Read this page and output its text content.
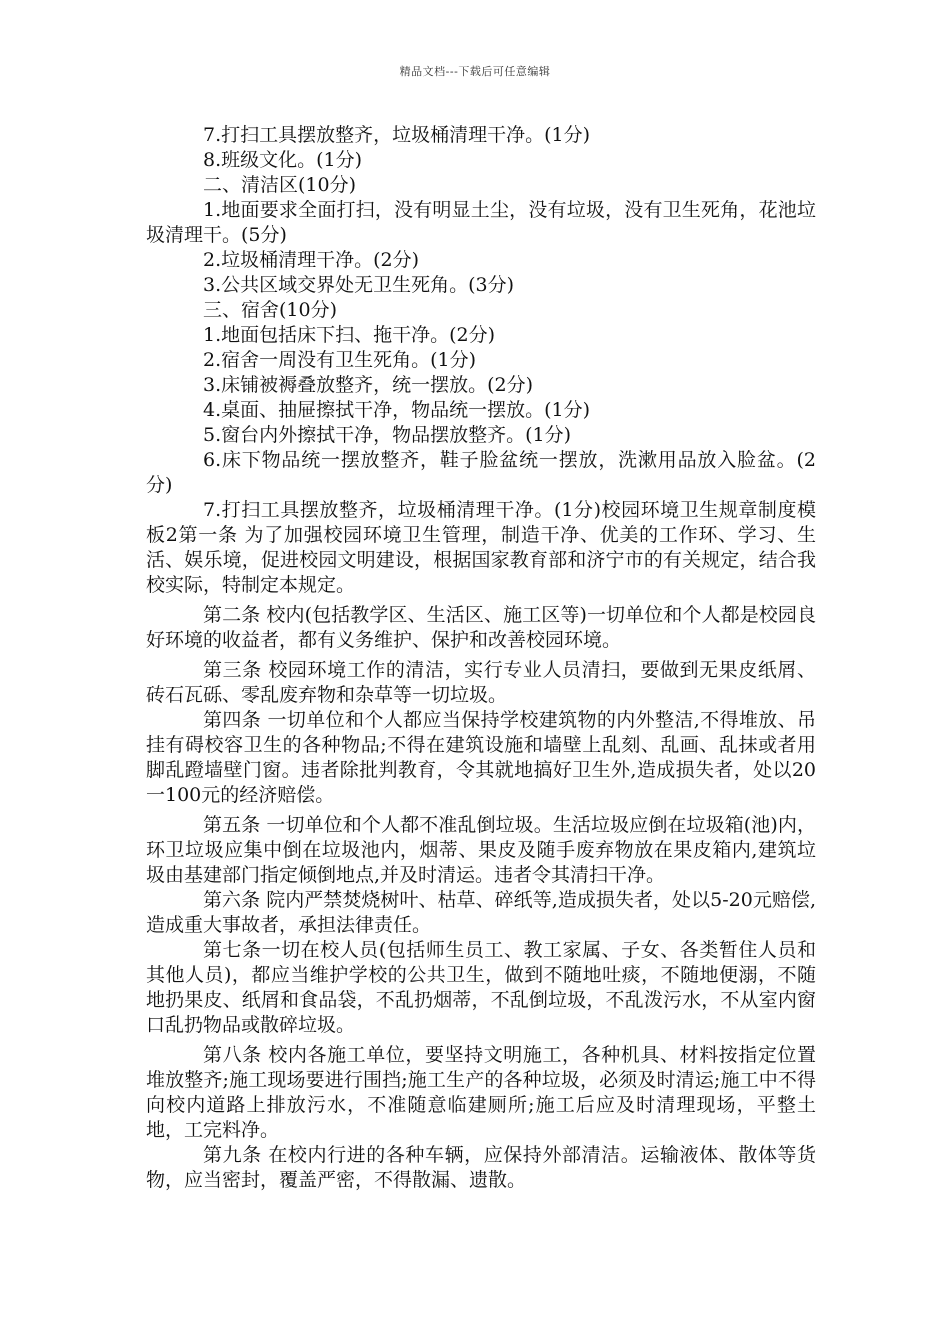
精品文档---下载后可任意编辑

7.打扫工具摆放整齐，垃圾桶清理干净。(1分)

8.班级文化。(1分)

二、清洁区(10分)

1.地面要求全面打扫，没有明显土尘，没有垃圾，没有卫生死角，花池垃圾清理干。(5分)

2.垃圾桶清理干净。(2分)

3.公共区域交界处无卫生死角。(3分)

三、宿舍(10分)

1.地面包括床下扫、拖干净。(2分)

2.宿舍一周没有卫生死角。(1分)

3.床铺被褥叠放整齐，统一摆放。(2分)

4.桌面、抽屉擦拭干净，物品统一摆放。(1分)

5.窗台内外擦拭干净，物品摆放整齐。(1分)

6.床下物品统一摆放整齐，鞋子脸盆统一摆放，洗漱用品放入脸盆。(2分)

7.打扫工具摆放整齐，垃圾桶清理干净。(1分)校园环境卫生规章制度模板2第一条 为了加强校园环境卫生管理，制造干净、优美的工作环、学习、生活、娱乐境，促进校园文明建设，根据国家教育部和济宁市的有关规定，结合我校实际，特制定本规定。

第二条 校内(包括教学区、生活区、施工区等)一切单位和个人都是校园良好环境的收益者，都有义务维护、保护和改善校园环境。

第三条 校园环境工作的清洁，实行专业人员清扫，要做到无果皮纸屑、砖石瓦砾、零乱废弃物和杂草等一切垃圾。

第四条 一切单位和个人都应当保持学校建筑物的内外整洁,不得堆放、吊挂有碍校容卫生的各种物品;不得在建筑设施和墙壁上乱刻、乱画、乱抹或者用脚乱蹬墙壁门窗。违者除批判教育，令其就地搞好卫生外,造成损失者，处以20一100元的经济赔偿。

第五条 一切单位和个人都不准乱倒垃圾。生活垃圾应倒在垃圾箱(池)内，环卫垃圾应集中倒在垃圾池内，烟蒂、果皮及随手废弃物放在果皮箱内,建筑垃圾由基建部门指定倾倒地点,并及时清运。违者令其清扫干净。

第六条 院内严禁焚烧树叶、枯草、碎纸等,造成损失者，处以5-20元赔偿,造成重大事故者，承担法律责任。

第七条一切在校人员(包括师生员工、教工家属、子女、各类暂住人员和其他人员)，都应当维护学校的公共卫生，做到不随地吐痰，不随地便溺，不随地扔果皮、纸屑和食品袋，不乱扔烟蒂，不乱倒垃圾，不乱泼污水，不从室内窗口乱扔物品或散碎垃圾。

第八条 校内各施工单位，要坚持文明施工，各种机具、材料按指定位置堆放整齐;施工现场要进行围挡;施工生产的各种垃圾，必须及时清运;施工中不得向校内道路上排放污水，不准随意临建厕所;施工后应及时清理现场，平整土地，工完料净。

第九条 在校内行进的各种车辆，应保持外部清洁。运输液体、散体等货物，应当密封，覆盖严密，不得散漏、遗散。
